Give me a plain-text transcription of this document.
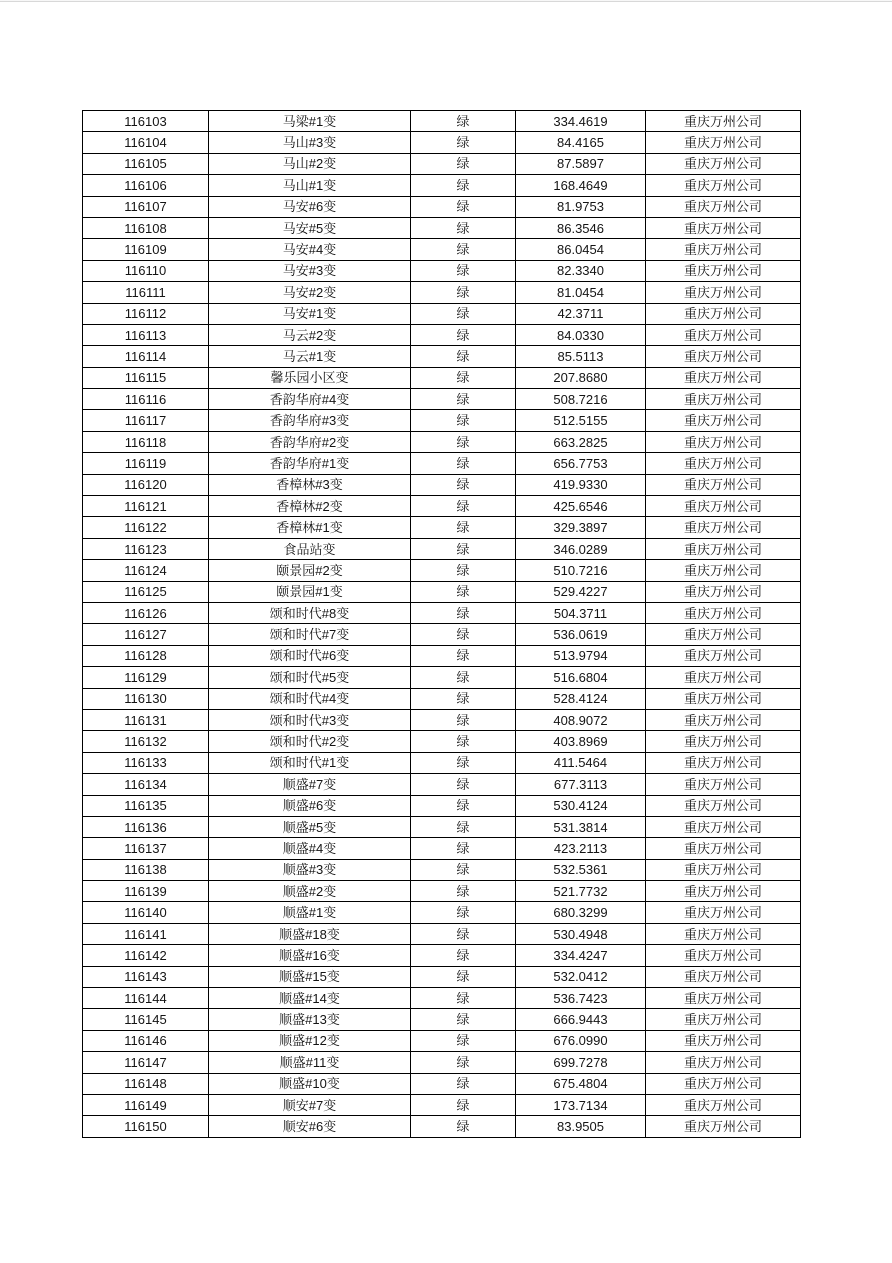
116103	马梁#1变	绿	334.4619	重庆万州公司
116104	马山#3变	绿	84.4165	重庆万州公司
116105	马山#2变	绿	87.5897	重庆万州公司
116106	马山#1变	绿	168.4649	重庆万州公司
116107	马安#6变	绿	81.9753	重庆万州公司
116108	马安#5变	绿	86.3546	重庆万州公司
116109	马安#4变	绿	86.0454	重庆万州公司
116110	马安#3变	绿	82.3340	重庆万州公司
116111	马安#2变	绿	81.0454	重庆万州公司
116112	马安#1变	绿	42.3711	重庆万州公司
116113	马云#2变	绿	84.0330	重庆万州公司
116114	马云#1变	绿	85.5113	重庆万州公司
116115	馨乐园小区变	绿	207.8680	重庆万州公司
116116	香韵华府#4变	绿	508.7216	重庆万州公司
116117	香韵华府#3变	绿	512.5155	重庆万州公司
116118	香韵华府#2变	绿	663.2825	重庆万州公司
116119	香韵华府#1变	绿	656.7753	重庆万州公司
116120	香樟林#3变	绿	419.9330	重庆万州公司
116121	香樟林#2变	绿	425.6546	重庆万州公司
116122	香樟林#1变	绿	329.3897	重庆万州公司
116123	食品站变	绿	346.0289	重庆万州公司
116124	颐景园#2变	绿	510.7216	重庆万州公司
116125	颐景园#1变	绿	529.4227	重庆万州公司
116126	颂和时代#8变	绿	504.3711	重庆万州公司
116127	颂和时代#7变	绿	536.0619	重庆万州公司
116128	颂和时代#6变	绿	513.9794	重庆万州公司
116129	颂和时代#5变	绿	516.6804	重庆万州公司
116130	颂和时代#4变	绿	528.4124	重庆万州公司
116131	颂和时代#3变	绿	408.9072	重庆万州公司
116132	颂和时代#2变	绿	403.8969	重庆万州公司
116133	颂和时代#1变	绿	411.5464	重庆万州公司
116134	顺盛#7变	绿	677.3113	重庆万州公司
116135	顺盛#6变	绿	530.4124	重庆万州公司
116136	顺盛#5变	绿	531.3814	重庆万州公司
116137	顺盛#4变	绿	423.2113	重庆万州公司
116138	顺盛#3变	绿	532.5361	重庆万州公司
116139	顺盛#2变	绿	521.7732	重庆万州公司
116140	顺盛#1变	绿	680.3299	重庆万州公司
116141	顺盛#18变	绿	530.4948	重庆万州公司
116142	顺盛#16变	绿	334.4247	重庆万州公司
116143	顺盛#15变	绿	532.0412	重庆万州公司
116144	顺盛#14变	绿	536.7423	重庆万州公司
116145	顺盛#13变	绿	666.9443	重庆万州公司
116146	顺盛#12变	绿	676.0990	重庆万州公司
116147	顺盛#11变	绿	699.7278	重庆万州公司
116148	顺盛#10变	绿	675.4804	重庆万州公司
116149	顺安#7变	绿	173.7134	重庆万州公司
116150	顺安#6变	绿	83.9505	重庆万州公司
